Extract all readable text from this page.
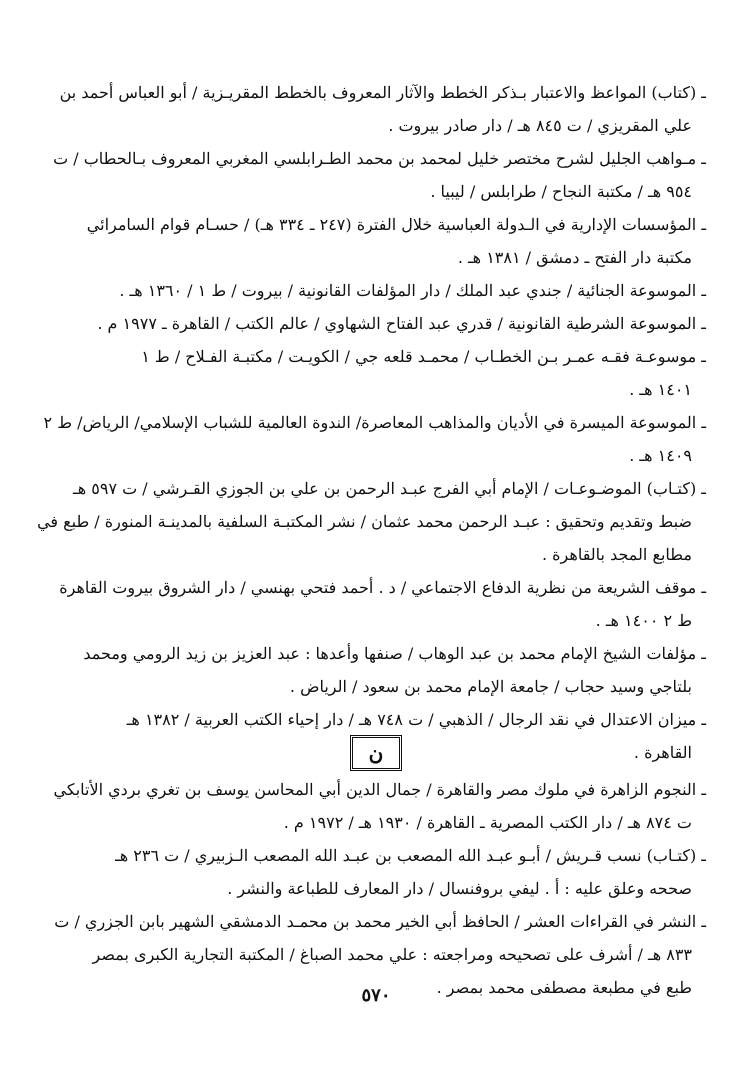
ـ (كتاب) المواعظ والاعتبار بـذكر الخطط والآثار المعروف بالخطط المقريـزية / أبو العباس أحمد بن
علي المقريزي / ت ٨٤٥ هـ / دار صادر بيروت .
ـ مـواهب الجليل لشرح مختصر خليل لمحمد بن محمد الطـرابلسي المغربي المعروف بـالحطاب / ت
٩٥٤ هـ / مكتبة النجاح / طرابلس / ليبيا .
ـ المؤسسات الإدارية في الـدولة العباسية خلال الفترة (٢٤٧ ـ ٣٣٤ هـ) / حسـام قوام السامرائي
مكتبة دار الفتح ـ دمشق / ١٣٨١ هـ .
ـ الموسوعة الجنائية / جندي عبد الملك / دار المؤلفات القانونية / بيروت / ط ١ / ١٣٦٠ هـ .
ـ الموسوعة الشرطية القانونية / قدري عبد الفتاح الشهاوي / عالم الكتب / القاهرة ـ ١٩٧٧ م .
ـ موسوعـة فقـه عمـر بـن الخطـاب / محمـد قلعه جي / الكويـت / مكتبـة الفـلاح / ط ١
١٤٠١ هـ .
ـ الموسوعة الميسرة في الأديان والمذاهب المعاصرة/ الندوة العالمية للشباب الإسلامي/ الرياض/ ط ٢
١٤٠٩ هـ .
ـ (كتـاب) الموضـوعـات / الإمام أبي الفرج عبـد الرحمن بن علي بن الجوزي القـرشي / ت ٥٩٧ هـ
ضبط وتقديم وتحقيق : عبـد الرحمن محمد عثمان / نشر المكتبـة السلفية بالمدينـة المنورة / طبع في
مطابع المجد بالقاهرة .
ـ موقف الشريعة من نظرية الدفاع الاجتماعي / د . أحمد فتحي بهنسي / دار الشروق بيروت القاهرة
ط ٢ ١٤٠٠ هـ .
ـ مؤلفات الشيخ الإمام محمد بن عبد الوهاب / صنفها وأعدها : عبد العزيز بن زيد الرومي ومحمد
بلتاجي وسيد حجاب / جامعة الإمام محمد بن سعود / الرياض .
ـ ميزان الاعتدال في نقد الرجال / الذهبي / ت ٧٤٨ هـ / دار إحياء الكتب العربية / ١٣٨٢ هـ
القاهرة .
ن
ـ النجوم الزاهرة في ملوك مصر والقاهرة / جمال الدين أبي المحاسن يوسف بن تغري بردي الأتابكي
ت ٨٧٤ هـ / دار الكتب المصرية ـ القاهرة / ١٩٣٠ هـ / ١٩٧٢ م .
ـ (كتـاب) نسب قـريش / أبـو عبـد الله المصعب بن عبـد الله المصعب الـزبيري / ت ٢٣٦ هـ
صححه وعلق عليه : أ . ليفي بروفنسال / دار المعارف للطباعة والنشر .
ـ النشر في القراءات العشر / الحافظ أبي الخير محمد بن محمـد الدمشقي الشهير بابن الجزري / ت
٨٣٣ هـ / أشرف على تصحيحه ومراجعته : علي محمد الصباغ / المكتبة التجارية الكبرى بمصر
طبع في مطبعة مصطفى محمد بمصر .
٥٧٠
